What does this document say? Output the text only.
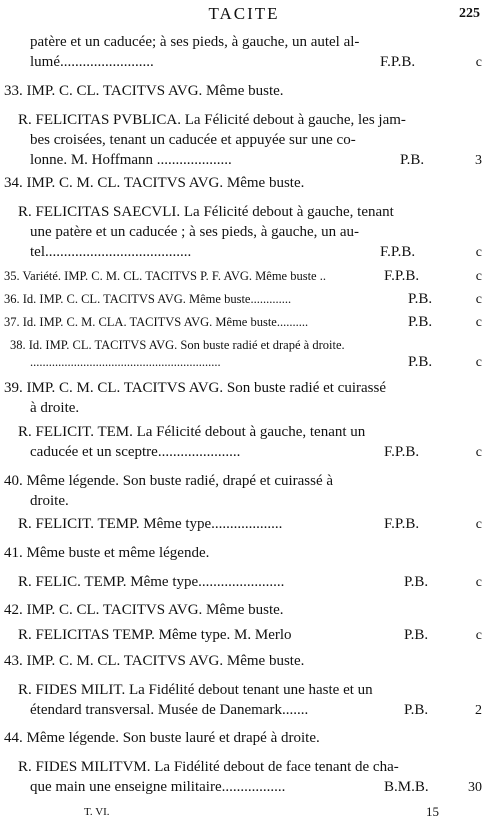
TACITE	225
patère et un caducée; à ses pieds, à gauche, un autel al-
lumé.........................	F.P.B.	c
33. IMP. C. CL. TACITVS AVG. Même buste.
R. FELICITAS PVBLICA. La Félicité debout à gauche, les jam-
bes croisées, tenant un caducée et appuyée sur une co-
lonne. M. Hoffmann ....................	P.B.	3
34. IMP. C. M. CL. TACITVS AVG. Même buste.
R. FELICITAS SAECVLI. La Félicité debout à gauche, tenant
une patère et un caducée ; à ses pieds, à gauche, un au-
tel.......................................	F.P.B.	c
35. Variété. IMP. C. M. CL. TACITVS P. F. AVG. Même buste ..	F.P.B.	c
36. Id. IMP. C. CL. TACITVS AVG. Même buste.............	P.B.	c
37. Id. IMP. C. M. CLA. TACITVS AVG. Même buste..........	P.B.	c
38. Id. IMP. CL. TACITVS AVG. Son buste radié et drapé à droite.
.............................................................	P.B.	c
39. IMP. C. M. CL. TACITVS AVG. Son buste radié et cuirassé
à droite.
R. FELICIT. TEM. La Félicité debout à gauche, tenant un
caducée et un sceptre......................	F.P.B.	c
40. Même légende. Son buste radié, drapé et cuirassé à
droite.
R. FELICIT. TEMP. Même type...................	F.P.B.	c
41. Même buste et même légende.
R. FELIC. TEMP. Même type.......................	P.B.	c
42. IMP. C. CL. TACITVS AVG. Même buste.
R. FELICITAS TEMP. Même type. M. Merlo	P.B.	c
43. IMP. C. M. CL. TACITVS AVG. Même buste.
R. FIDES MILIT. La Fidélité debout tenant une haste et un
étendard transversal. Musée de Danemark.......	P.B.	2
44. Même légende. Son buste lauré et drapé à droite.
R. FIDES MILITVM. La Fidélité debout de face tenant de cha-
que main une enseigne militaire.................	B.M.B.	30
T. VI.	15
